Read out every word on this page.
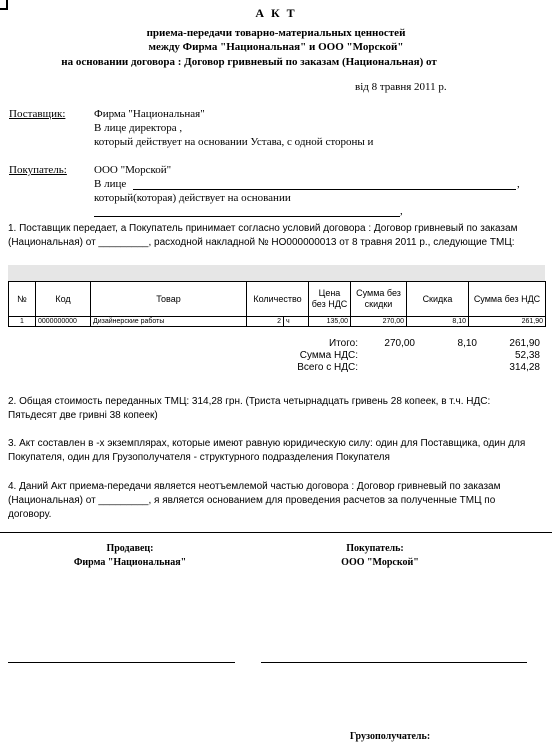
А К Т
приема-передачи товарно-материальных ценностей
между Фирма "Национальная" и ООО "Морской"
на основании договора : Договор гривневый по заказам (Национальная) от
від 8 травня 2011 р.
Поставщик:	Фирма "Национальная"
В лице директора ,
который действует на основании Устава, с одной стороны и
Покупатель: ООО "Морской"
В лице	,
который(которая) действует на основании
,
1. Поставщик передает, а Покупатель принимает согласно условий договора : Договор гривневый по заказам (Национальная) от _________, расходной накладной № НО000000013 от 8 травня 2011 р., следующие ТМЦ:
№	Код	Товар	Количество	Цена без НДС	Сумма без скидки	Скидка	Сумма без НДС
1	0000000000	Дизайнерские работы	2 ч	135,00	270,00	8,10	261,90
Итого:	270,00	8,10	261,90
Сумма НДС:	52,38
Всего с НДС:	314,28
2. Общая стоимость переданных ТМЦ: 314,28 грн. (Триста четырнадцать гривень 28 копеек, в т.ч. НДС: Пятьдесят две гривні 38 копеек)
3. Акт составлен в -х экземплярах, которые имеют равную юридическую силу: один для Поставщика, один для Покупателя, один для Грузополучателя - структурного подразделения Покупателя
4. Даний Акт приема-передачи является неотъемлемой частью договора : Договор гривневый по заказам (Национальная) от _________, я является основанием для проведения расчетов за полученные ТМЦ по договору.
Продавец:
Фирма "Национальная"
Покупатель:
ООО "Морской"
Грузополучатель:
